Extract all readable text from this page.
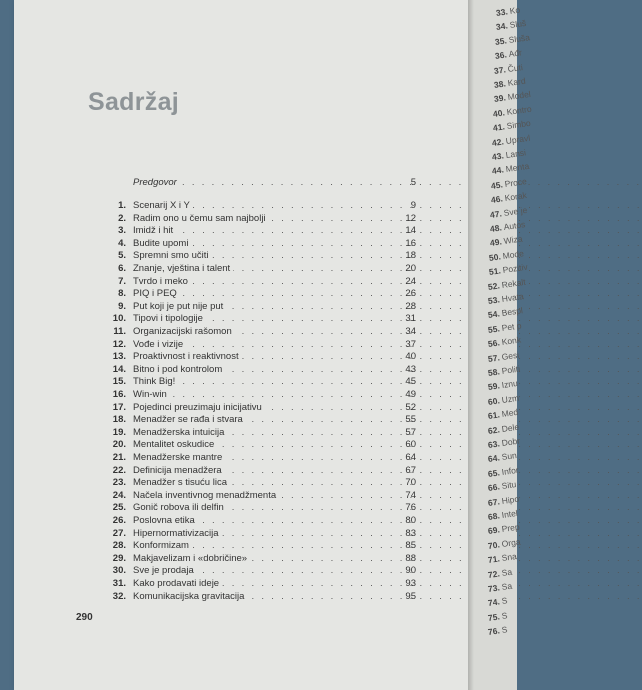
Sadržaj
Predgovor . . .	5
1. Scenarij X i Y . . .	9
2. Radim ono u čemu sam najbolji . . .	12
3. Imidž i hit . . .	14
4. Budite upomi . . .	16
5. Spremni smo učiti . . .	18
6. Znanje, vještina i talent . . .	20
7. Tvrdo i meko . . .	24
8. PIQ i PEQ . . .	26
9. Put koji je put nije put . . .	28
10. Tipovi i tipologije . . .	31
11. Organizacijski rašomon . . .	34
12. Vođe i vizije . . .	37
13. Proaktivnost i reaktivnost . . .	40
14. Bitno i pod kontrolom . . .	43
15. Think Big! . . .	45
16. Win-win . . .	49
17. Pojedinci preuzimaju inicijativu . . .	52
18. Menadžer se rađa i stvara . . .	55
19. Menadžerska intuicija . . .	57
20. Mentalitet oskudice . . .	60
21. Menadžerske mantre . . .	64
22. Definicija menadžera . . .	67
23. Menadžer s tisuću lica . . .	70
24. Načela inventivnog menadžmenta . . .	74
25. Gonič robova ili delfin . . .	76
26. Poslovna etika . . .	80
27. Hipernormativizacija . . .	83
28. Konformizam . . .	85
29. Makjavelizam i «dobričine» . . .	88
30. Sve je prodaja . . .	90
31. Kako prodavati ideje . . .	93
32. Komunikacijska gravitacija . . .	95
290
33.Ko
34.Sluš
35.Sluša
36.Ađr
37.Čuti
38.Kard
39.Model
40.Kontro
41.Simbo
42.Upravl
43.Lansi
44.Menta
45.Proce
46.Korak
47.Sve je
48.Autos
49.Wiza
50.Mode
51.Pozitiv
52.Rekalt
53.Hvata
54.Bespl
55.Pet p
56.Konk
57.Gesi
58.Politi
59.Iznu
60.Uzm
61.Med
62.Dele
63.Dobr
64.Sun
65.Infor
66.Situ
67.Hipo
68.Intel
69.Prep
70.Orga
71.Sna
72.Sa
73.Sa
74.S
75.S
76.S
